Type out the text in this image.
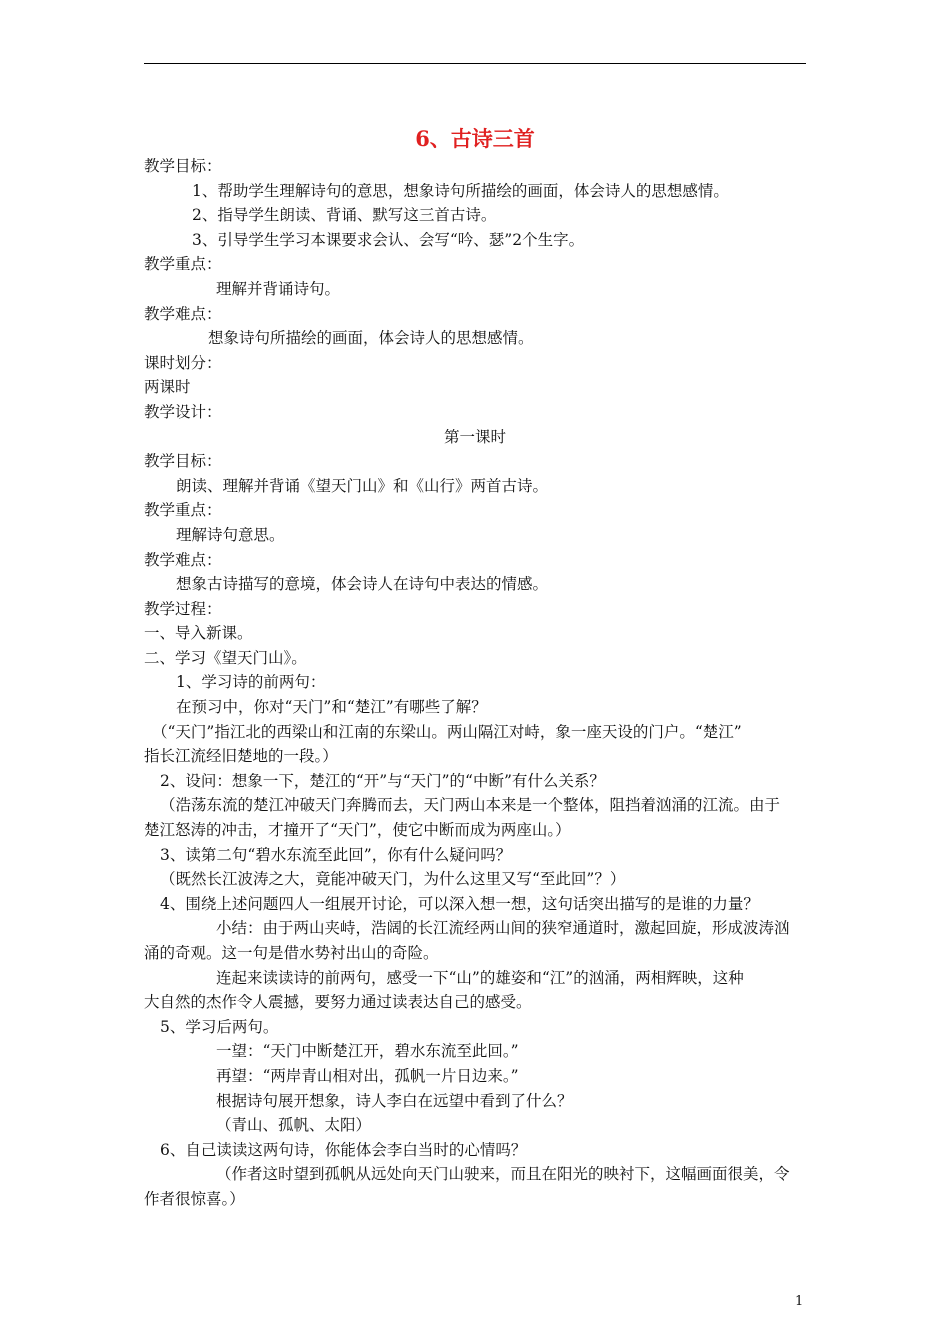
6、古诗三首
教学目标：
1、帮助学生理解诗句的意思，想象诗句所描绘的画面，体会诗人的思想感情。
2、指导学生朗读、背诵、默写这三首古诗。
3、引导学生学习本课要求会认、会写“吟、瑟”2个生字。
教学重点：
理解并背诵诗句。
教学难点：
想象诗句所描绘的画面，体会诗人的思想感情。
课时划分：
两课时
教学设计：
第一课时
教学目标：
朗读、理解并背诵《望天门山》和《山行》两首古诗。
教学重点：
理解诗句意思。
教学难点：
想象古诗描写的意境，体会诗人在诗句中表达的情感。
教学过程：
一、导入新课。
二、学习《望天门山》。
1、学习诗的前两句：
在预习中，你对“天门”和“楚江”有哪些了解？
（“天门”指江北的西梁山和江南的东梁山。两山隔江对峙，象一座天设的门户。“楚江”
指长江流经旧楚地的一段。）
2、设问：想象一下，楚江的“开”与“天门”的“中断”有什么关系？
（浩荡东流的楚江冲破天门奔腾而去，天门两山本来是一个整体，阻挡着汹涌的江流。由于
楚江怒涛的冲击，才撞开了“天门”，使它中断而成为两座山。）
3、读第二句“碧水东流至此回”，你有什么疑问吗？
（既然长江波涛之大，竟能冲破天门，为什么这里又写“至此回”？）
4、围绕上述问题四人一组展开讨论，可以深入想一想，这句话突出描写的是谁的力量？
小结：由于两山夹峙，浩阔的长江流经两山间的狭窄通道时，激起回旋，形成波涛汹
涌的奇观。这一句是借水势衬出山的奇险。
连起来读读诗的前两句，感受一下“山”的雄姿和“江”的汹涌，两相辉映，这种
大自然的杰作令人震撼，要努力通过读表达自己的感受。
5、学习后两句。
一望：“天门中断楚江开，碧水东流至此回。”
再望：“两岸青山相对出，孤帆一片日边来。”
根据诗句展开想象，诗人李白在远望中看到了什么？
（青山、孤帆、太阳）
6、自己读读这两句诗，你能体会李白当时的心情吗？
（作者这时望到孤帆从远处向天门山驶来，而且在阳光的映衬下，这幅画面很美，令
作者很惊喜。）
1
